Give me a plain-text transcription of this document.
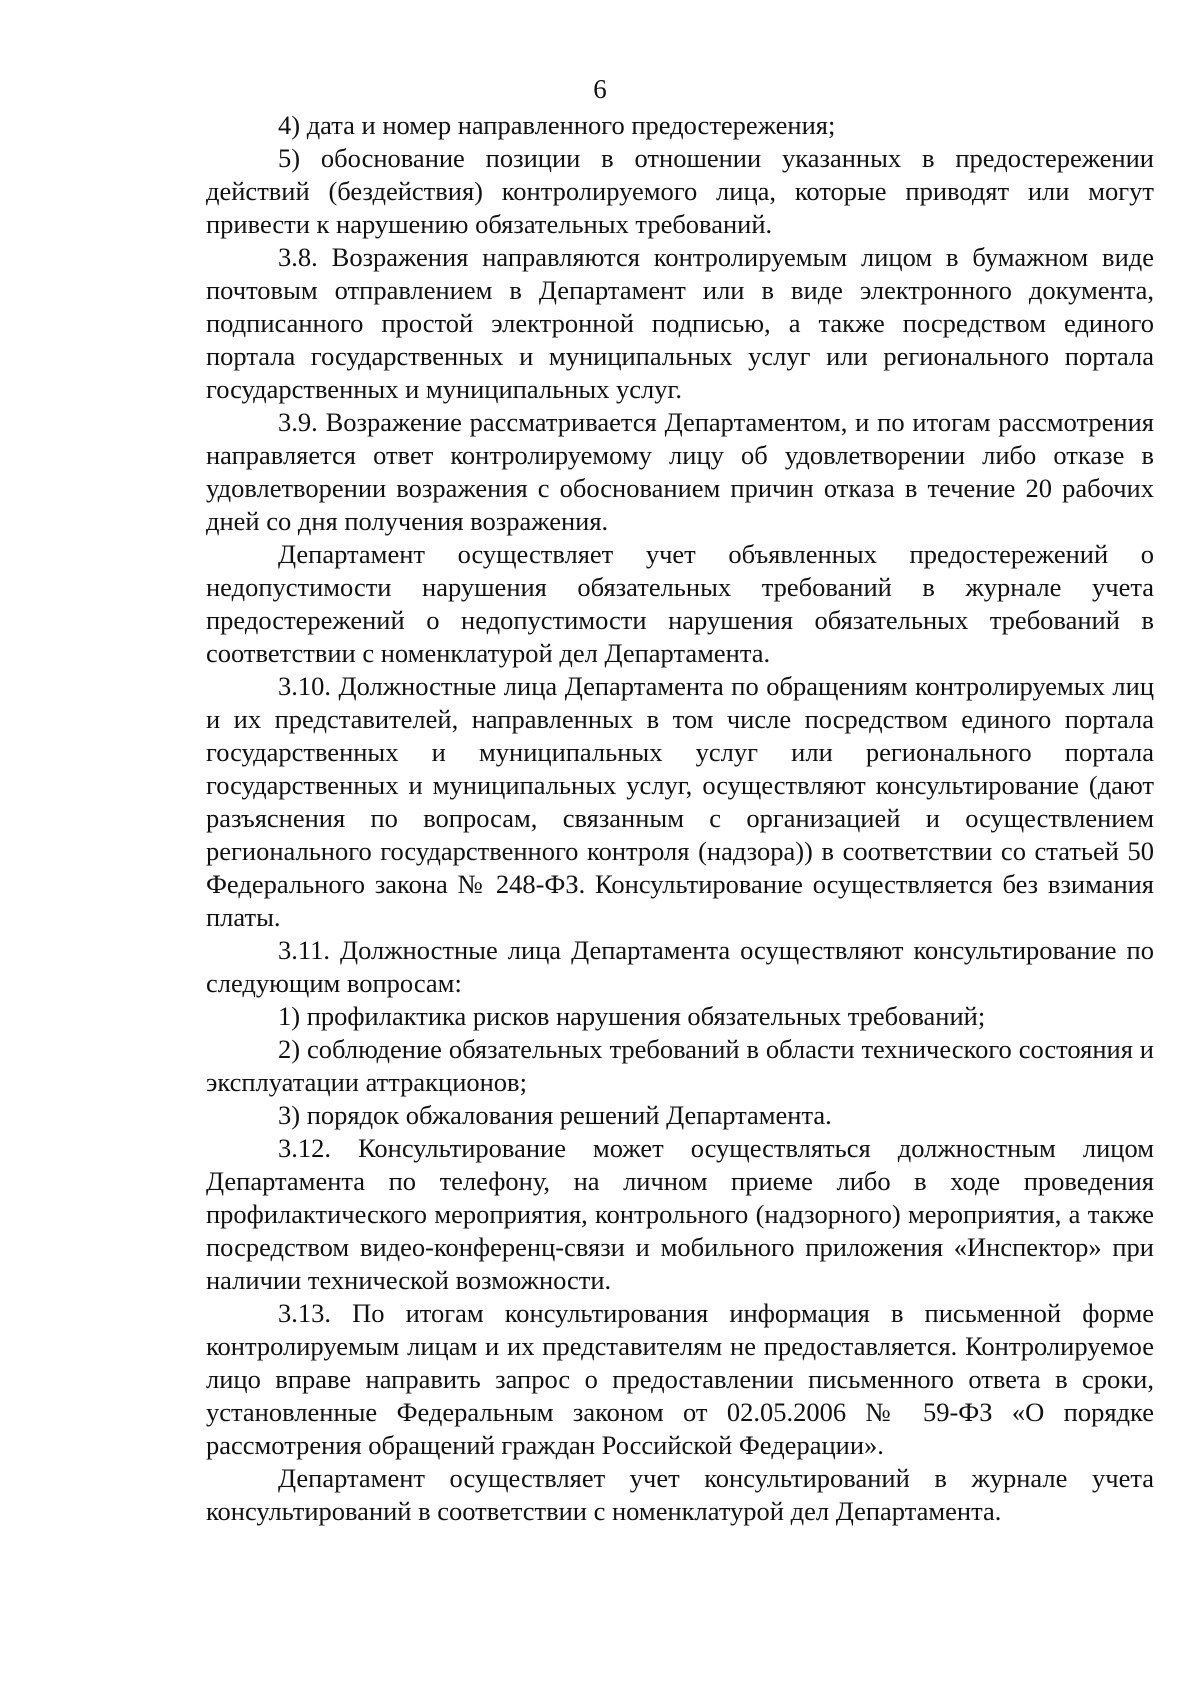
6

4) дата и номер направленного предостережения;

5) обоснование позиции в отношении указанных в предостережении действий (бездействия) контролируемого лица, которые приводят или могут привести к нарушению обязательных требований.

3.8. Возражения направляются контролируемым лицом в бумажном виде почтовым отправлением в Департамент или в виде электронного документа, подписанного простой электронной подписью, а также посредством единого портала государственных и муниципальных услуг или регионального портала государственных и муниципальных услуг.

3.9. Возражение рассматривается Департаментом, и по итогам рассмотрения направляется ответ контролируемому лицу об удовлетворении либо отказе в удовлетворении возражения с обоснованием причин отказа в течение 20 рабочих дней со дня получения возражения.

Департамент осуществляет учет объявленных предостережений о недопустимости нарушения обязательных требований в журнале учета предостережений о недопустимости нарушения обязательных требований в соответствии с номенклатурой дел Департамента.

3.10. Должностные лица Департамента по обращениям контролируемых лиц и их представителей, направленных в том числе посредством единого портала государственных и муниципальных услуг или регионального портала государственных и муниципальных услуг, осуществляют консультирование (дают разъяснения по вопросам, связанным с организацией и осуществлением регионального государственного контроля (надзора)) в соответствии со статьей 50 Федерального закона № 248-ФЗ. Консультирование осуществляется без взимания платы.

3.11. Должностные лица Департамента осуществляют консультирование по следующим вопросам:

1) профилактика рисков нарушения обязательных требований;

2) соблюдение обязательных требований в области технического состояния и эксплуатации аттракционов;

3) порядок обжалования решений Департамента.

3.12. Консультирование может осуществляться должностным лицом Департамента по телефону, на личном приеме либо в ходе проведения профилактического мероприятия, контрольного (надзорного) мероприятия, а также посредством видео-конференц-связи и мобильного приложения «Инспектор» при наличии технической возможности.

3.13. По итогам консультирования информация в письменной форме контролируемым лицам и их представителям не предоставляется. Контролируемое лицо вправе направить запрос о предоставлении письменного ответа в сроки, установленные Федеральным законом от 02.05.2006 № 59-ФЗ «О порядке рассмотрения обращений граждан Российской Федерации».

Департамент осуществляет учет консультирований в журнале учета консультирований в соответствии с номенклатурой дел Департамента.
